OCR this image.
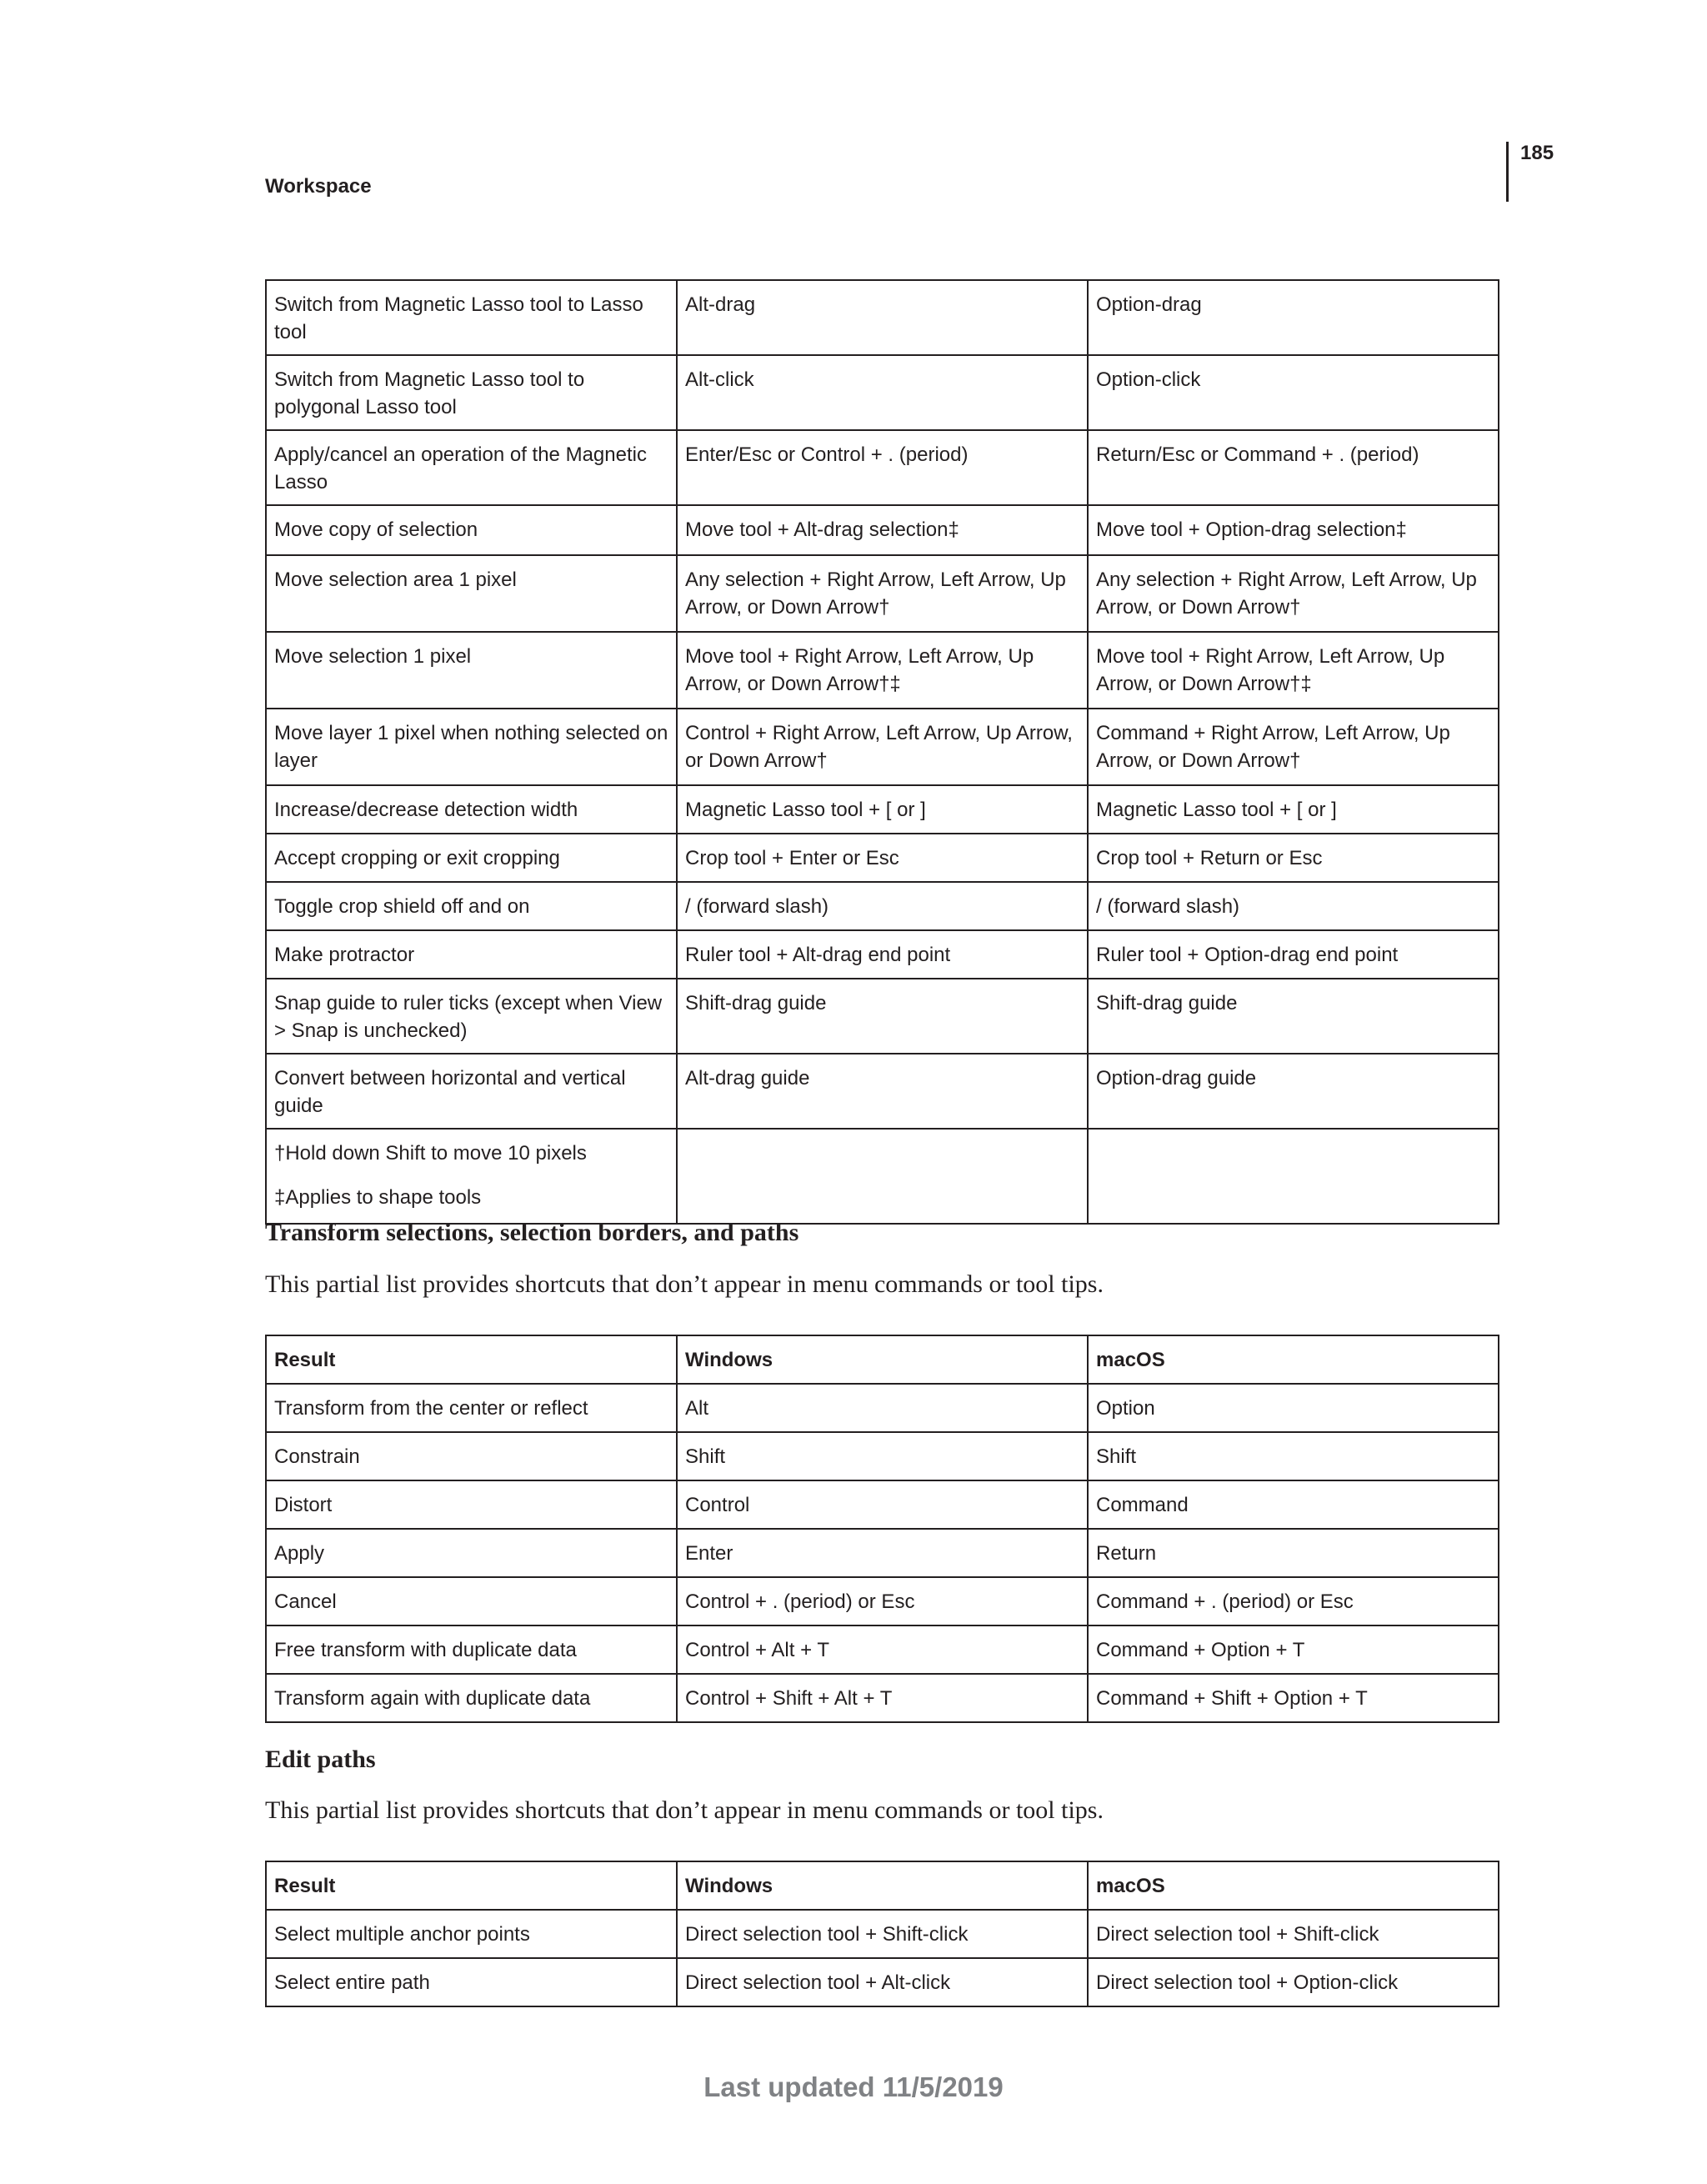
185
Workspace
Switch from Magnetic Lasso tool to Lasso tool	Alt-drag	Option-drag
Switch from Magnetic Lasso tool to polygonal Lasso tool	Alt-click	Option-click
Apply/cancel an operation of the Magnetic Lasso	Enter/Esc or Control + . (period)	Return/Esc or Command + . (period)
Move copy of selection	Move tool + Alt-drag selection‡	Move tool + Option-drag selection‡
Move selection area 1 pixel	Any selection + Right Arrow, Left Arrow, Up Arrow, or Down Arrow†	Any selection + Right Arrow, Left Arrow, Up Arrow, or Down Arrow†
Move selection 1 pixel	Move tool + Right Arrow, Left Arrow, Up Arrow, or Down Arrow†‡	Move tool + Right Arrow, Left Arrow, Up Arrow, or Down Arrow†‡
Move layer 1 pixel when nothing selected on layer	Control + Right Arrow, Left Arrow, Up Arrow, or Down Arrow†	Command + Right Arrow, Left Arrow, Up Arrow, or Down Arrow†
Increase/decrease detection width	Magnetic Lasso tool + [ or ]	Magnetic Lasso tool + [ or ]
Accept cropping or exit cropping	Crop tool + Enter or Esc	Crop tool + Return or Esc
Toggle crop shield off and on	/ (forward slash)	/ (forward slash)
Make protractor	Ruler tool + Alt-drag end point	Ruler tool + Option-drag end point
Snap guide to ruler ticks (except when View > Snap is unchecked)	Shift-drag guide	Shift-drag guide
Convert between horizontal and vertical guide	Alt-drag guide	Option-drag guide

†Hold down Shift to move 10 pixels
‡Applies to shape tools		

Transform selections, selection borders, and paths

This partial list provides shortcuts that don’t appear in menu commands or tool tips.

Result	Windows	macOS
Transform from the center or reflect	Alt	Option
Constrain	Shift	Shift
Distort	Control	Command
Apply	Enter	Return
Cancel	Control + . (period) or Esc	Command + . (period) or Esc
Free transform with duplicate data	Control + Alt + T	Command + Option + T
Transform again with duplicate data	Control + Shift + Alt + T	Command + Shift + Option + T
Edit paths

This partial list provides shortcuts that don’t appear in menu commands or tool tips.

Result	Windows	macOS
Select multiple anchor points	Direct selection tool + Shift-click	Direct selection tool + Shift-click
Select entire path	Direct selection tool + Alt-click	Direct selection tool + Option-click
Last updated 11/5/2019
